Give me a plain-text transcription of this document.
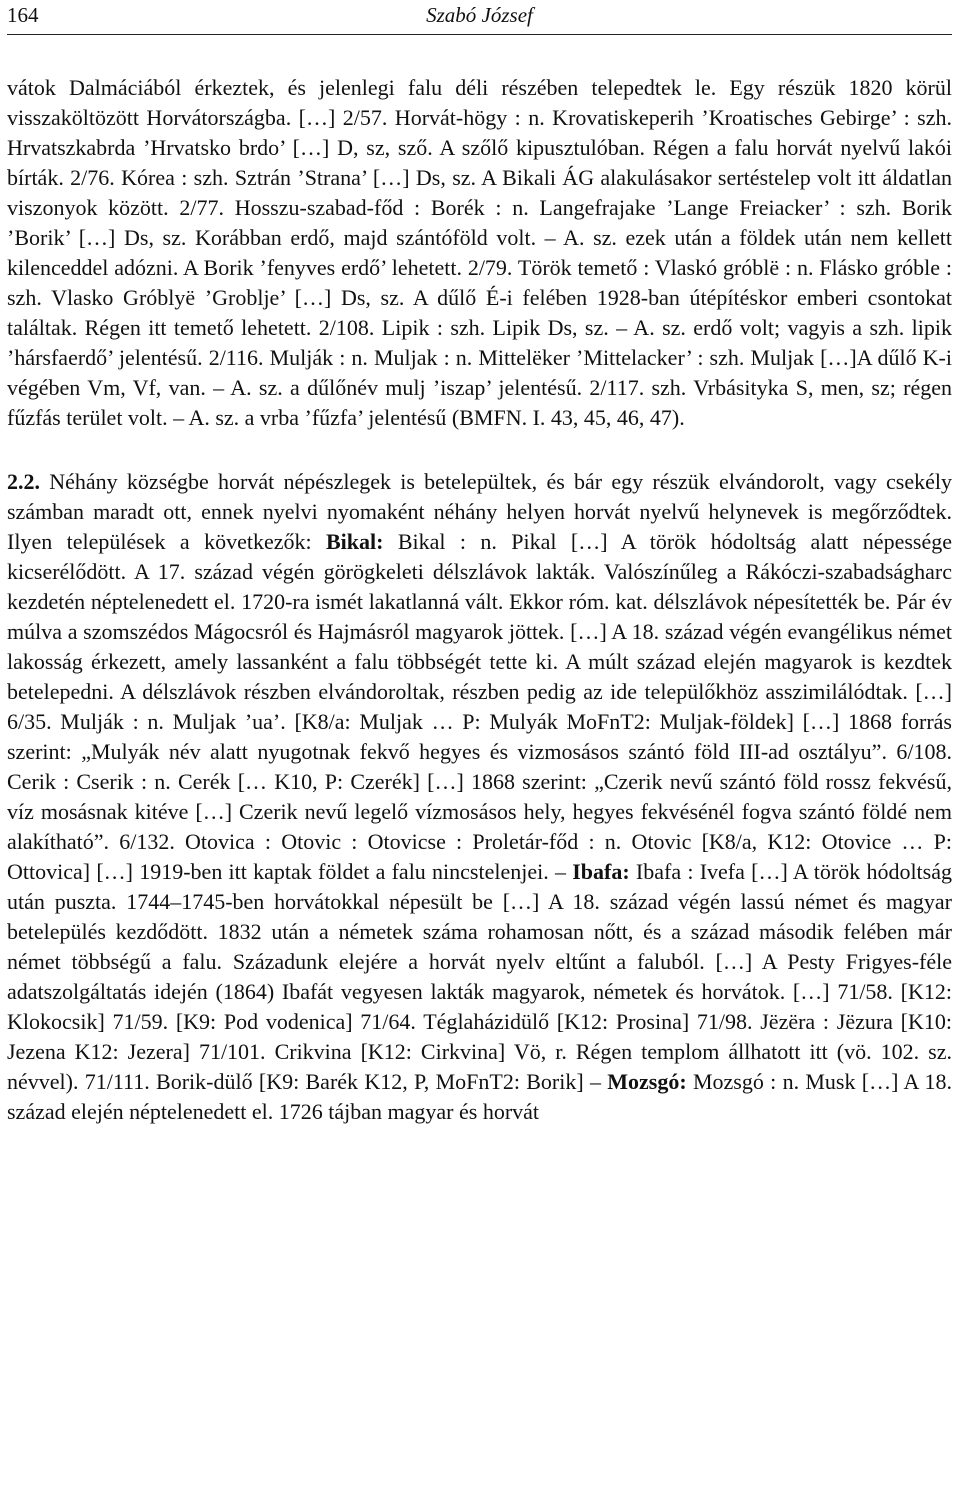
164	Szabó József

vátok Dalmáciából érkeztek, és jelenlegi falu déli részében telepedtek le. Egy részük 1820 körül visszaköltözött Horvátországba. […] 2/57. Horvát-högy : n. Krovatiskeperih ’Kroatisches Gebirge’ : szh. Hrvatszkabrda ’Hrvatsko brdo’ […] D, sz, sző. A szőlő kipusztulóban. Régen a falu horvát nyelvű lakói bírták. 2/76. Kórea : szh. Sztrán ’Strana’ […] Ds, sz. A Bikali ÁG alakulásakor sertéstelep volt itt áldatlan viszonyok között. 2/77. Hosszu-szabad-főd : Borék : n. Langefrajake ’Lange Freiacker’ : szh. Borik ’Borik’ […] Ds, sz. Korábban erdő, majd szántóföld volt. – A. sz. ezek után a földek után nem kellett kilenceddel adózni. A Borik ’fenyves erdő’ lehetett. 2/79. Török temető : Vlaskó gróblë : n. Flásko gróble : szh. Vlasko Gróblyë ’Groblje’ […] Ds, sz. A dűlő É-i felében 1928-ban útépítéskor emberi csontokat találtak. Régen itt temető lehetett. 2/108. Lipik : szh. Lipik Ds, sz. – A. sz. erdő volt; vagyis a szh. lipik ’hársfaerdő’ jelentésű. 2/116. Mulják : n. Muljak : n. Mittelëker ’Mittelacker’ : szh. Muljak […]A dűlő K-i végében Vm, Vf, van. – A. sz. a dűlőnév mulj ’iszap’ jelentésű. 2/117. szh. Vrbásityka S, men, sz; régen fűzfás terület volt. – A. sz. a vrba ’fűzfa’ jelentésű (BMFN. I. 43, 45, 46, 47).

2.2. Néhány községbe horvát népészlegek is betelepültek, és bár egy részük elvándorolt, vagy csekély számban maradt ott, ennek nyelvi nyomaként néhány helyen horvát nyelvű helynevek is megőrződtek. Ilyen települések a következők: Bikal: Bikal : n. Pikal […] A török hódoltság alatt népessége kicserélődött. A 17. század végén görögkeleti délszlávok lakták. Valószínűleg a Rákóczi-szabadságharc kezdetén néptelenedett el. 1720-ra ismét lakatlanná vált. Ekkor róm. kat. délszlávok népesítették be. Pár év múlva a szomszédos Mágocsról és Hajmásról magyarok jöttek. […] A 18. század végén evangélikus német lakosság érkezett, amely lassanként a falu többségét tette ki. A múlt század elején magyarok is kezdtek betelepedni. A délszlávok részben elvándoroltak, részben pedig az ide települőkhöz asszimilálódtak. […] 6/35. Mulják : n. Muljak ’ua’. [K8/a: Muljak … P: Mulyák MoFnT2: Muljak-földek] […] 1868 forrás szerint: „Mulyák név alatt nyugotnak fekvő hegyes és vizmosásos szántó föld III-ad osztályu”. 6/108. Cerik : Cserik : n. Cerék [… K10, P: Czerék] […] 1868 szerint: „Czerik nevű szántó föld rossz fekvésű, víz mosásnak kitéve […] Czerik nevű legelő vízmosásos hely, hegyes fekvésénél fogva szántó földé nem alakítható”. 6/132. Otovica : Otovic : Otovicse : Proletár-főd : n. Otovic [K8/a, K12: Otovice … P: Ottovica] […] 1919-ben itt kaptak földet a falu nincstelenjei. – Ibafa: Ibafa : Ivefa […] A török hódoltság után puszta. 1744–1745-ben horvátokkal népesült be […] A 18. század végén lassú német és magyar betelepülés kezdődött. 1832 után a németek száma rohamosan nőtt, és a század második felében már német többségű a falu. Századunk elejére a horvát nyelv eltűnt a faluból. […] A Pesty Frigyes-féle adatszolgáltatás idején (1864) Ibafát vegyesen lakták magyarok, németek és horvátok. […] 71/58. [K12: Klokocsik] 71/59. [K9: Pod vodenica] 71/64. Téglaházidülő [K12: Prosina] 71/98. Jëzëra : Jëzura [K10: Jezena K12: Jezera] 71/101. Crikvina [K12: Cirkvina] Vö, r. Régen templom állhatott itt (vö. 102. sz. névvel). 71/111. Borik-dülő [K9: Barék K12, P, MoFnT2: Borik] – Mozsgó: Mozsgó : n. Musk […] A 18. század elején néptelenedett el. 1726 tájban magyar és horvát
